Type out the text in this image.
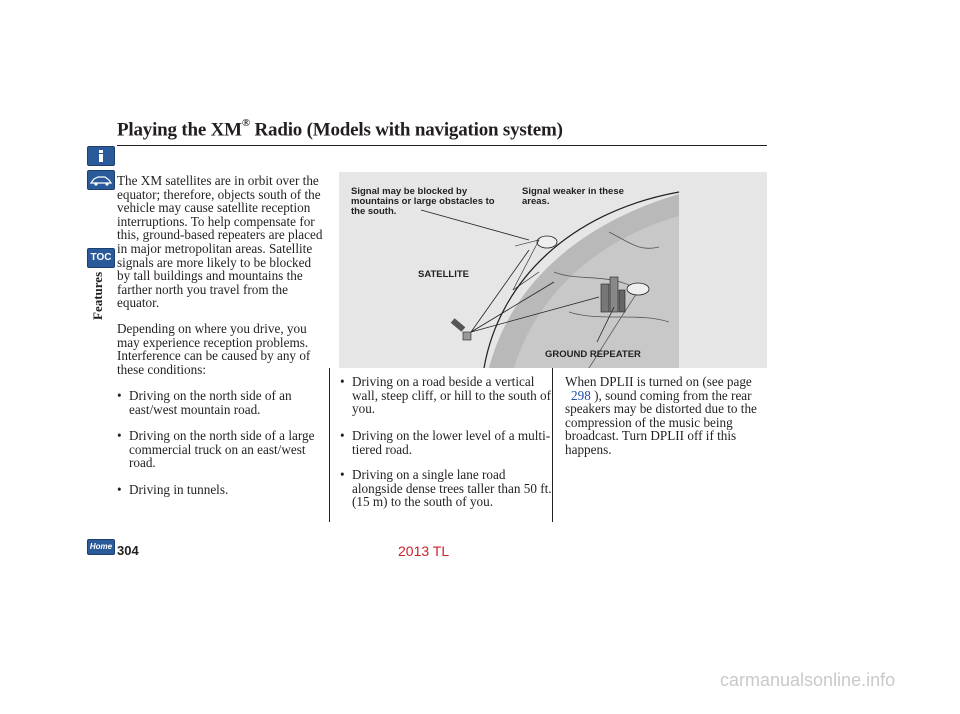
Playing the XM® Radio (Models with navigation system)
TOC
Features
The XM satellites are in orbit over the equator; therefore, objects south of the vehicle may cause satellite reception interruptions. To help compensate for this, ground-based repeaters are placed in major metropolitan areas. Satellite signals are more likely to be blocked by tall buildings and mountains the farther north you travel from the equator.
Depending on where you drive, you may experience reception problems. Interference can be caused by any of these conditions:
• Driving on the north side of an east/west mountain road.
• Driving on the north side of a large commercial truck on an east/west road.
• Driving in tunnels.
Signal may be blocked by mountains or large obstacles to the south.
Signal weaker in these areas.
SATELLITE
GROUND REPEATER
• Driving on a road beside a vertical wall, steep cliff, or hill to the south of you.
• Driving on the lower level of a multi-tiered road.
• Driving on a single lane road alongside dense trees taller than 50 ft. (15 m) to the south of you.
When DPLII is turned on (see page
298 ), sound coming from the rear speakers may be distorted due to the compression of the music being broadcast. Turn DPLII off if this happens.
Home 304	2013 TL
carmanualsonline.info
